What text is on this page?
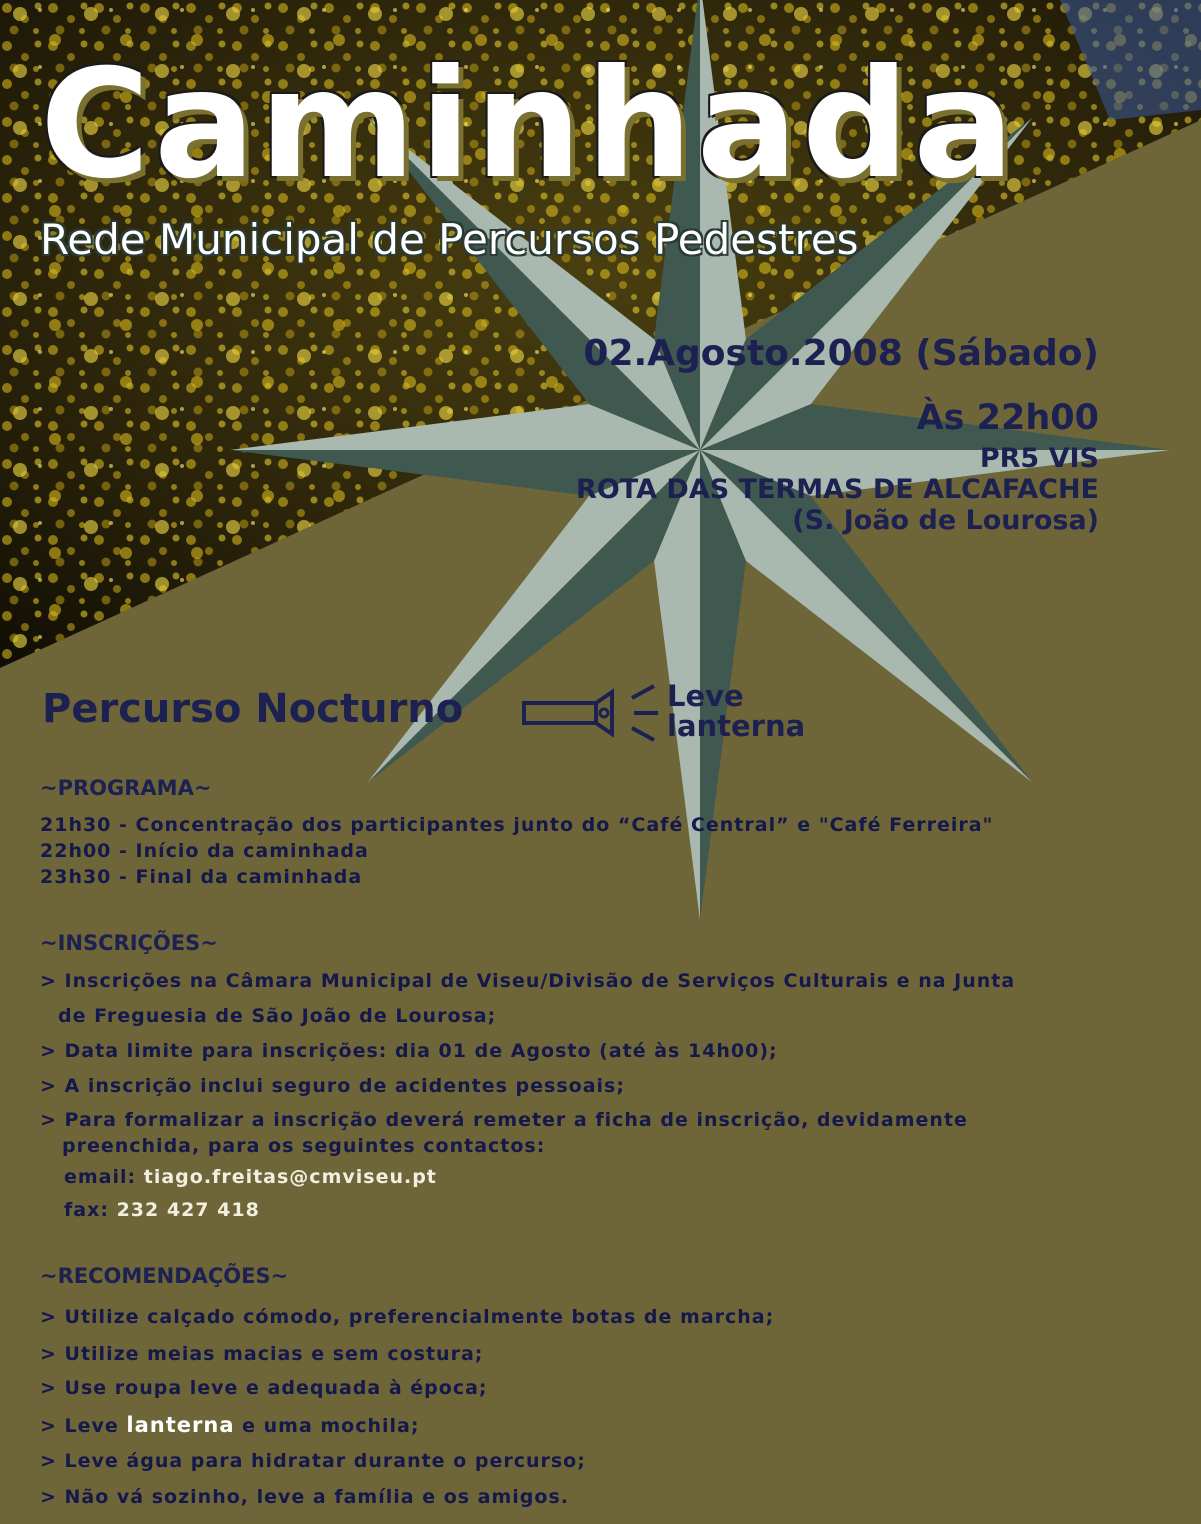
Caminhada
Rede Municipal de Percursos Pedestres
02.Agosto.2008 (Sábado)
Às 22h00
PR5 VIS
ROTA DAS TERMAS DE ALCAFACHE
(S. João de Lourosa)
Percurso Nocturno	Leve
lanterna
~PROGRAMA~
21h30 - Concentração dos participantes junto do “Café Central” e "Café Ferreira"
22h00 - Início da caminhada
23h30 - Final da caminhada
~INSCRIÇÕES~
> Inscrições na Câmara Municipal de Viseu/Divisão de Serviços Culturais e na Junta
de Freguesia de São João de Lourosa;
> Data limite para inscrições: dia 01 de Agosto (até às 14h00);
> A inscrição inclui seguro de acidentes pessoais;
> Para formalizar a inscrição deverá remeter a ficha de inscrição, devidamente
preenchida, para os seguintes contactos:
email: tiago.freitas@cmviseu.pt
fax: 232 427 418
~RECOMENDAÇÕES~
> Utilize calçado cómodo, preferencialmente botas de marcha;
> Utilize meias macias e sem costura;
> Use roupa leve e adequada à época;
> Leve lanterna e uma mochila;
> Leve água para hidratar durante o percurso;
> Não vá sozinho, leve a família e os amigos.
